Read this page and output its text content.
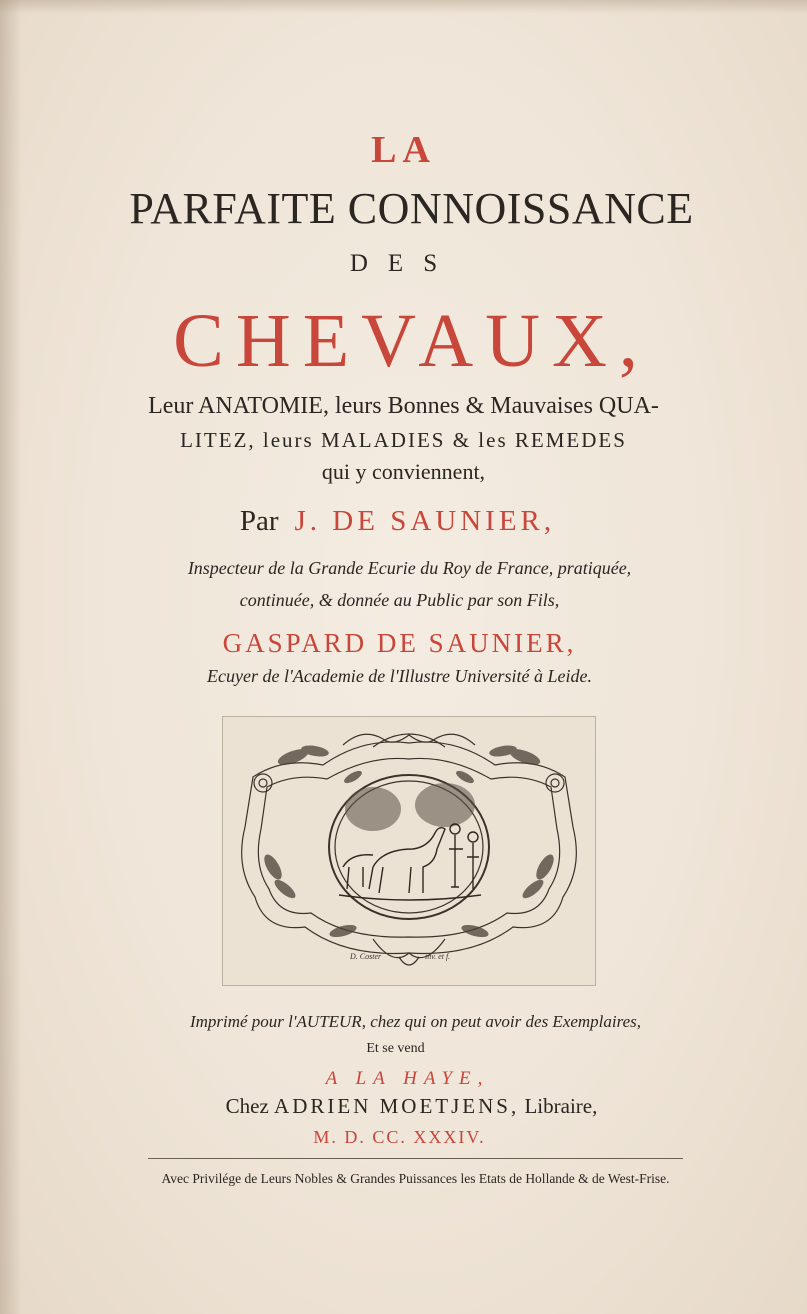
LA
PARFAITE CONNOISSANCE
DES
CHEVAUX,
Leur ANATOMIE, leurs Bonnes & Mauvaises QUA-
LITEZ, leurs MALADIES & les REMEDES
qui y conviennent,
Par J. DE SAUNIER,
Inspecteur de la Grande Ecurie du Roy de France, pratiquée,
continuée, & donnée au Public par son Fils,
GASPARD DE SAUNIER,
Ecuyer de l'Academie de l'Illustre Université à Leide.
D. Coster	inv. et f.
Imprimé pour l'AUTEUR, chez qui on peut avoir des Exemplaires,
Et se vend
A LA HAYE,
Chez ADRIEN MOETJENS, Libraire,
M. D. CC. XXXIV.
Avec Privilége de Leurs Nobles & Grandes Puissances les Etats de Hollande & de West-Frise.
